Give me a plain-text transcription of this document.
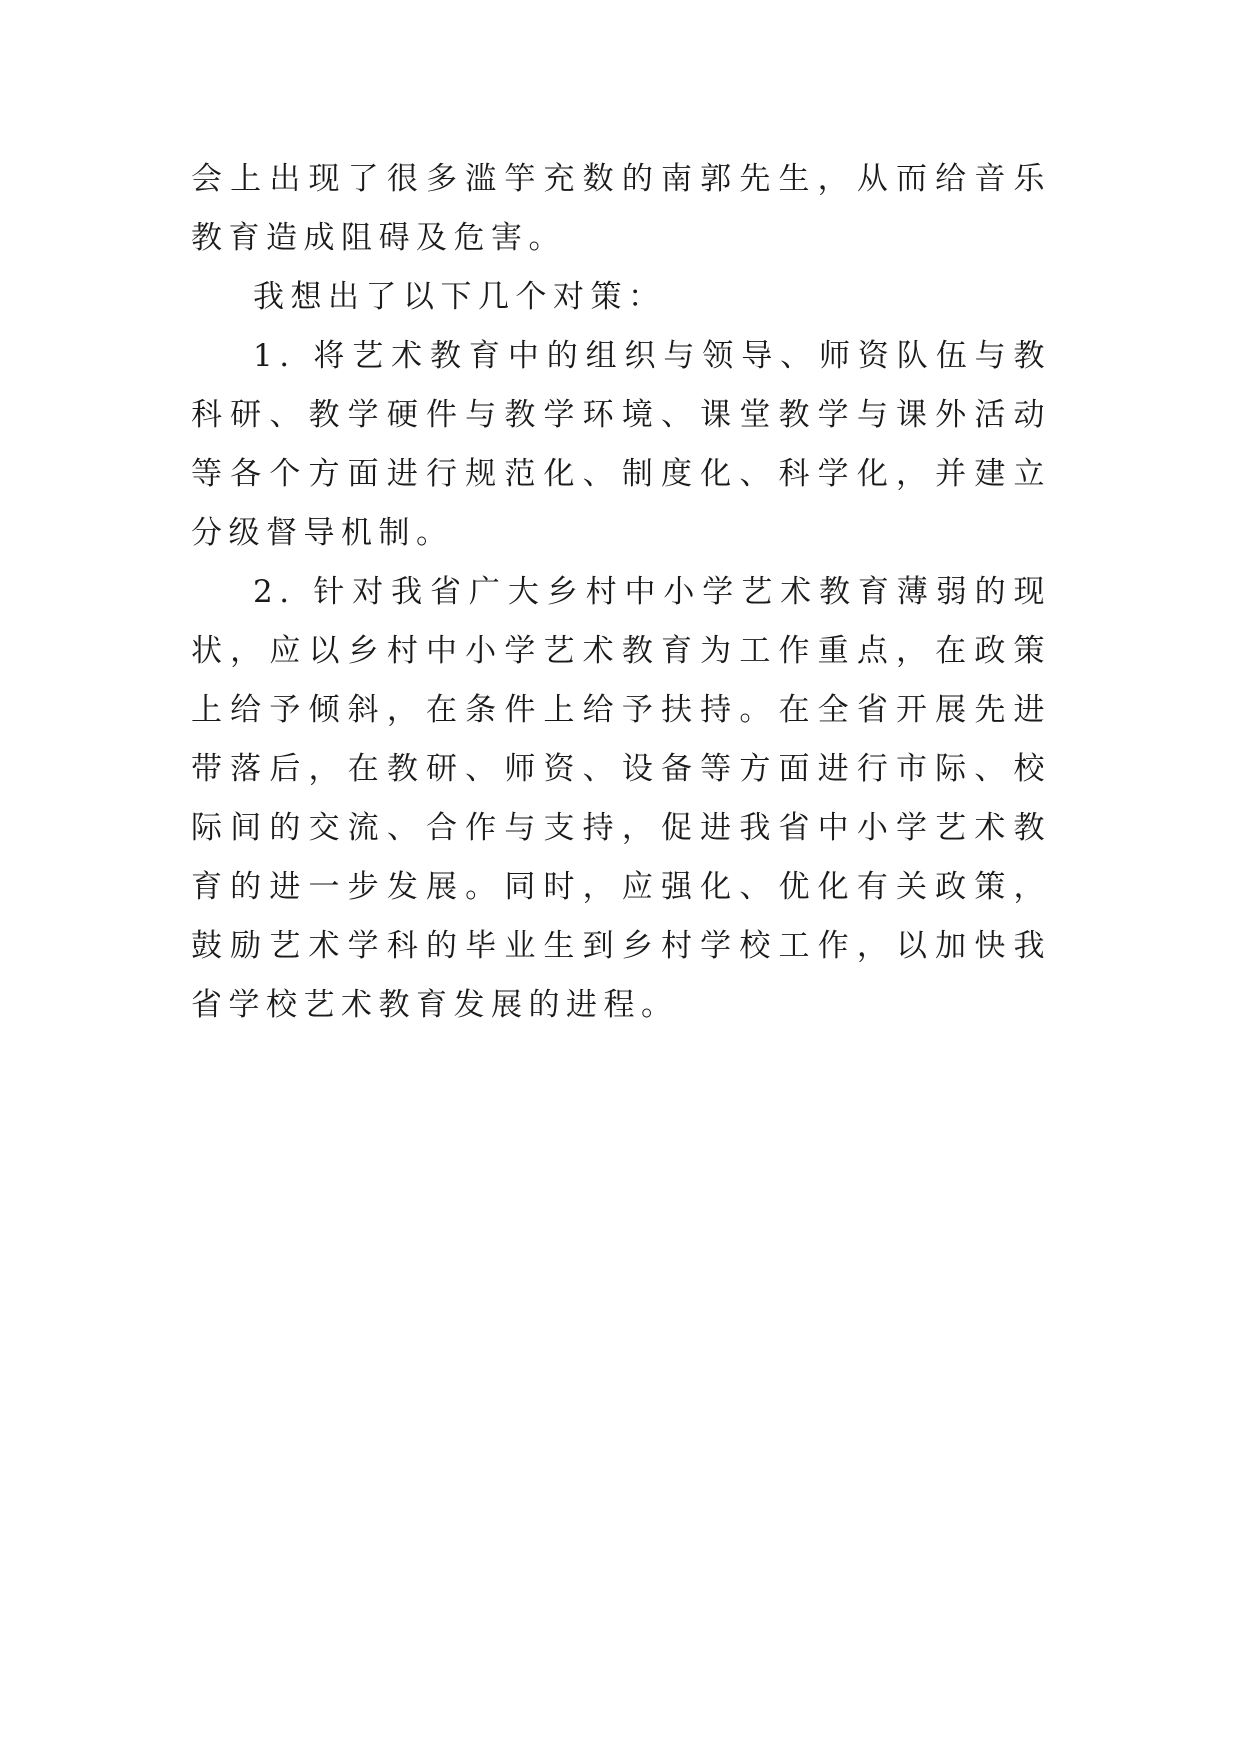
会上出现了很多滥竽充数的南郭先生，从而给音乐教育造成阻碍及危害。

我想出了以下几个对策：

1. 将艺术教育中的组织与领导、师资队伍与教科研、教学硬件与教学环境、课堂教学与课外活动等各个方面进行规范化、制度化、科学化，并建立分级督导机制。

2. 针对我省广大乡村中小学艺术教育薄弱的现状，应以乡村中小学艺术教育为工作重点，在政策上给予倾斜，在条件上给予扶持。在全省开展先进带落后，在教研、师资、设备等方面进行市际、校际间的交流、合作与支持，促进我省中小学艺术教育的进一步发展。同时，应强化、优化有关政策，鼓励艺术学科的毕业生到乡村学校工作，以加快我省学校艺术教育发展的进程。
